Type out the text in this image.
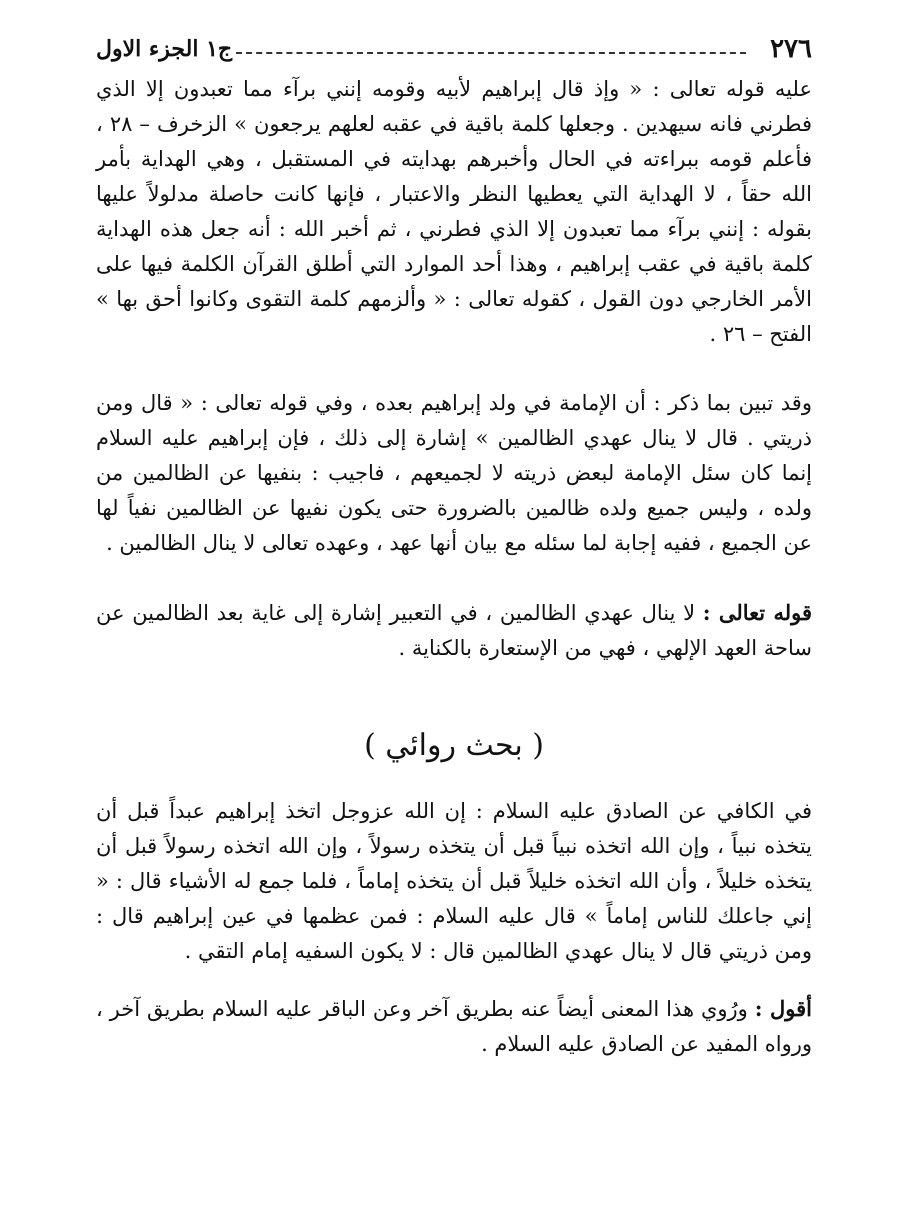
٢٧٦
ج١ الجزء الاول

عليه قوله تعالى : « وإذ قال إبراهيم لأبيه وقومه إنني برآء مما تعبدون إلا الذي فطرني فانه سيهدين . وجعلها كلمة باقية في عقبه لعلهم يرجعون » الزخرف – ٢٨ ، فأعلم قومه ببراءته في الحال وأخبرهم بهدايته في المستقبل ، وهي الهداية بأمر الله حقاً ، لا الهداية التي يعطيها النظر والاعتبار ، فإنها كانت حاصلة مدلولاً عليها بقوله : إنني برآء مما تعبدون إلا الذي فطرني ، ثم أخبر الله : أنه جعل هذه الهداية كلمة باقية في عقب إبراهيم ، وهذا أحد الموارد التي أطلق القرآن الكلمة فيها على الأمر الخارجي دون القول ، كقوله تعالى : « وألزمهم كلمة التقوى وكانوا أحق بها » الفتح – ٢٦ .

وقد تبين بما ذكر : أن الإمامة في ولد إبراهيم بعده ، وفي قوله تعالى : « قال ومن ذريتي . قال لا ينال عهدي الظالمين » إشارة إلى ذلك ، فإن إبراهيم عليه السلام إنما كان سئل الإمامة لبعض ذريته لا لجميعهم ، فاجيب : بنفيها عن الظالمين من ولده ، وليس جميع ولده ظالمين بالضرورة حتى يكون نفيها عن الظالمين نفياً لها عن الجميع ، ففيه إجابة لما سئله مع بيان أنها عهد ، وعهده تعالى لا ينال الظالمين .

قوله تعالى : لا ينال عهدي الظالمين ، في التعبير إشارة إلى غاية بعد الظالمين عن ساحة العهد الإلهي ، فهي من الإستعارة بالكناية .

( بحث روائي )

في الكافي عن الصادق عليه السلام : إن الله عزوجل اتخذ إبراهيم عبداً قبل أن يتخذه نبياً ، وإن الله اتخذه نبياً قبل أن يتخذه رسولاً ، وإن الله اتخذه رسولاً قبل أن يتخذه خليلاً ، وأن الله اتخذه خليلاً قبل أن يتخذه إماماً ، فلما جمع له الأشياء قال : « إني جاعلك للناس إماماً » قال عليه السلام : فمن عظمها في عين إبراهيم قال : ومن ذريتي قال لا ينال عهدي الظالمين قال : لا يكون السفيه إمام التقي .

أقول : ورُوي هذا المعنى أيضاً عنه بطريق آخر وعن الباقر عليه السلام بطريق آخر ، ورواه المفيد عن الصادق عليه السلام .
